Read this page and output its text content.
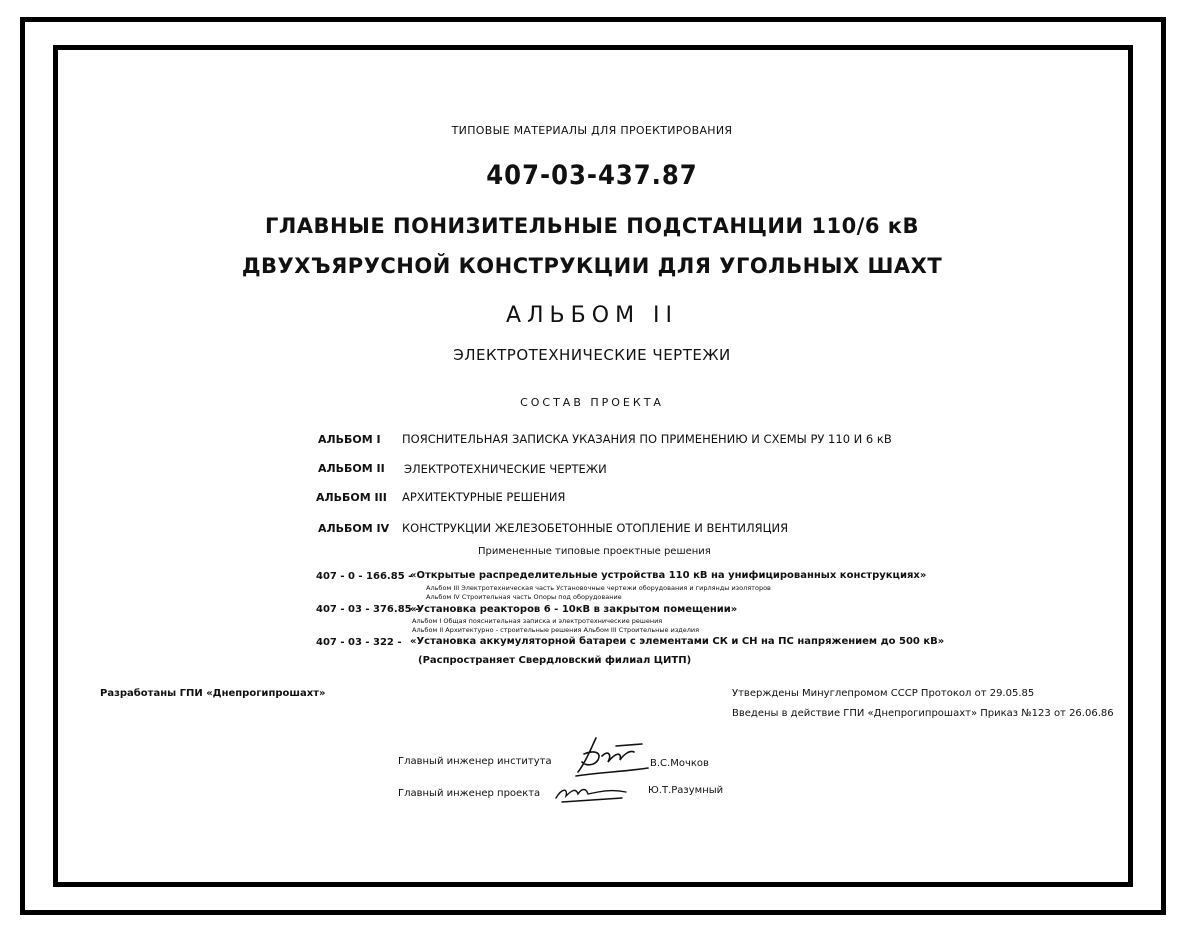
ТИПОВЫЕ МАТЕРИАЛЫ ДЛЯ ПРОЕКТИРОВАНИЯ
407-03-437.87
ГЛАВНЫЕ ПОНИЗИТЕЛЬНЫЕ ПОДСТАНЦИИ 110/6 кВ
ДВУХЪЯРУСНОЙ КОНСТРУКЦИИ ДЛЯ УГОЛЬНЫХ ШАХТ
АЛЬБОМ II
ЭЛЕКТРОТЕХНИЧЕСКИЕ ЧЕРТЕЖИ
СОСТАВ ПРОЕКТА
АЛЬБОМ I ПОЯСНИТЕЛЬНАЯ ЗАПИСКА УКАЗАНИЯ ПО ПРИМЕНЕНИЮ И СХЕМЫ РУ 110 И 6 кВ
АЛЬБОМ II ЭЛЕКТРОТЕХНИЧЕСКИЕ ЧЕРТЕЖИ
АЛЬБОМ III АРХИТЕКТУРНЫЕ РЕШЕНИЯ
АЛЬБОМ IV КОНСТРУКЦИИ ЖЕЛЕЗОБЕТОННЫЕ ОТОПЛЕНИЕ И ВЕНТИЛЯЦИЯ
Примененные типовые проектные решения
407 - 0 - 166.85 -
«Открытые распределительные устройства 110 кВ на унифицированных конструкциях»
Альбом III Электротехническая часть Установочные чертежи оборудования и гирлянды изоляторов
Альбом IV Строительная часть Опоры под оборудование
407 - 03 - 376.85 -
«Установка реакторов 6 - 10кВ в закрытом помещении»
Альбом I Общая пояснительная записка и электротехнические решения
Альбом II Архитектурно - строительные решения Альбом III Строительные изделия
407 - 03 - 322 - «Установка аккумуляторной батареи с элементами СК и СН на ПС напряжением до 500 кВ»
(Распространяет Свердловский филиал ЦИТП)
Разработаны ГПИ «Днепрогипрошахт»	Утверждены Минуглепромом СССР Протокол от 29.05.85
Введены в действие ГПИ «Днепрогипрошахт» Приказ №123 от 26.06.86
Главный инженер института	В.С.Мочков
Главный инженер проекта	Ю.Т.Разумный
